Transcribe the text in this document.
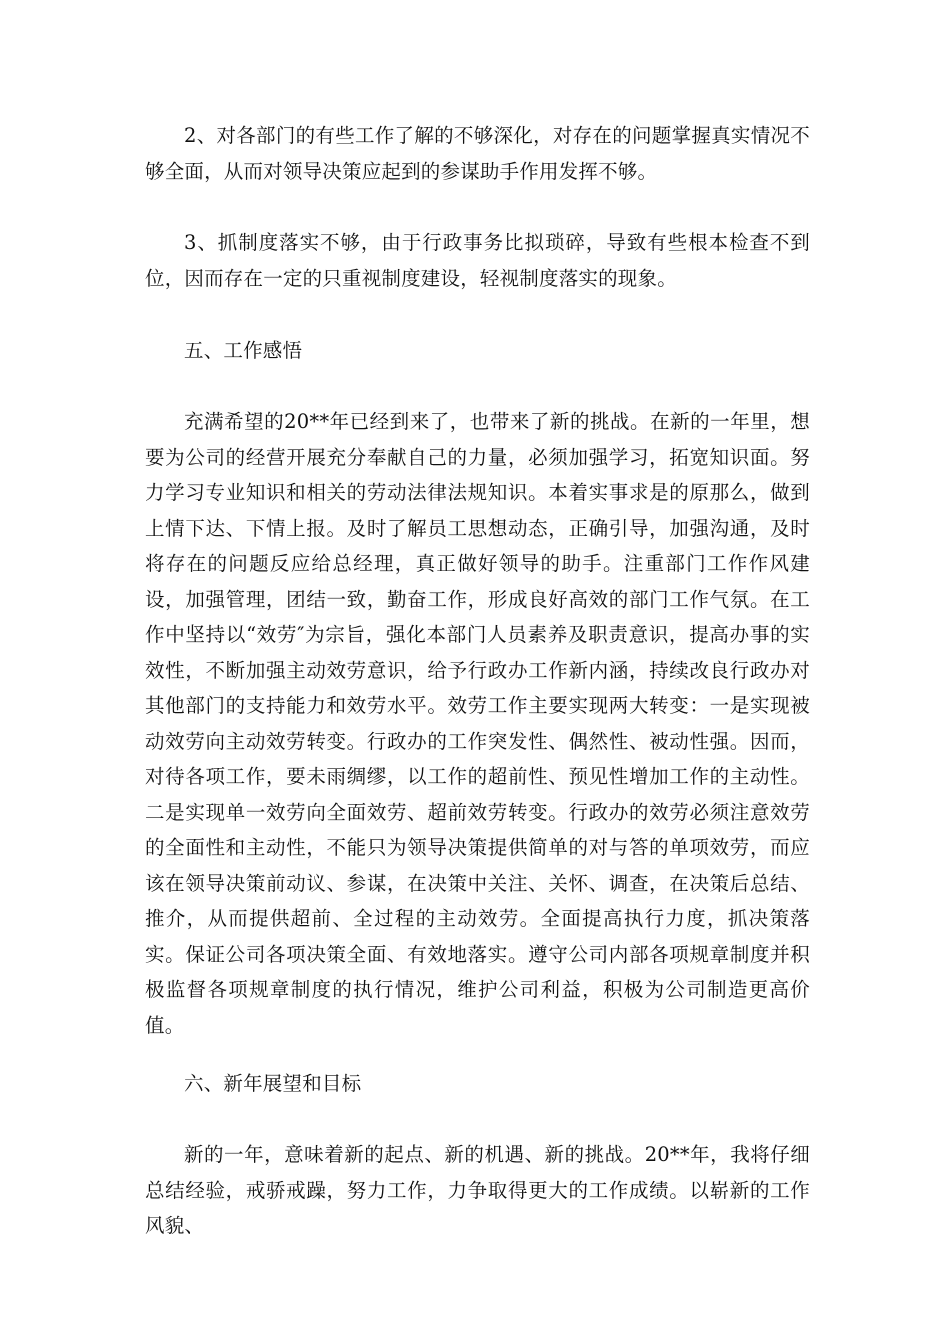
2、对各部门的有些工作了解的不够深化，对存在的问题掌握真实情况不够全面，从而对领导决策应起到的参谋助手作用发挥不够。

3、抓制度落实不够，由于行政事务比拟琐碎，导致有些根本检查不到位，因而存在一定的只重视制度建设，轻视制度落实的现象。

五、工作感悟

充满希望的20**年已经到来了，也带来了新的挑战。在新的一年里，想要为公司的经营开展充分奉献自己的力量，必须加强学习，拓宽知识面。努力学习专业知识和相关的劳动法律法规知识。本着实事求是的原那么，做到上情下达、下情上报。及时了解员工思想动态，正确引导，加强沟通，及时将存在的问题反应给总经理，真正做好领导的助手。注重部门工作作风建设，加强管理，团结一致，勤奋工作，形成良好高效的部门工作气氛。在工作中坚持以“效劳″为宗旨，强化本部门人员素养及职责意识，提高办事的实效性，不断加强主动效劳意识，给予行政办工作新内涵，持续改良行政办对其他部门的支持能力和效劳水平。效劳工作主要实现两大转变：一是实现被动效劳向主动效劳转变。行政办的工作突发性、偶然性、被动性强。因而，对待各项工作，要未雨绸缪，以工作的超前性、预见性增加工作的主动性。二是实现单一效劳向全面效劳、超前效劳转变。行政办的效劳必须注意效劳的全面性和主动性，不能只为领导决策提供简单的对与答的单项效劳，而应该在领导决策前动议、参谋，在决策中关注、关怀、调查，在决策后总结、推介，从而提供超前、全过程的主动效劳。全面提高执行力度，抓决策落实。保证公司各项决策全面、有效地落实。遵守公司内部各项规章制度并积极监督各项规章制度的执行情况，维护公司利益，积极为公司制造更高价值。

六、新年展望和目标

新的一年，意味着新的起点、新的机遇、新的挑战。20**年，我将仔细总结经验，戒骄戒躁，努力工作，力争取得更大的工作成绩。以崭新的工作风貌、
